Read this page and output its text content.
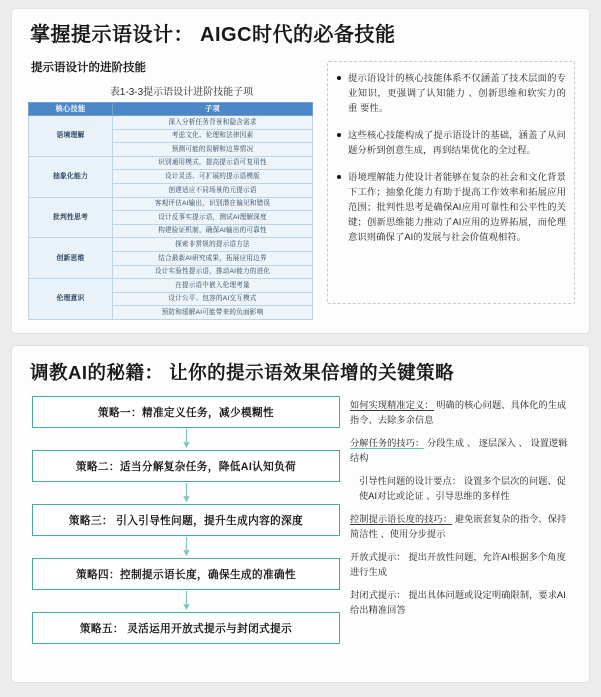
掌握提示语设计： AIGC时代的必备技能
提示语设计的进阶技能
表1-3-3提示语设计进阶技能子项
核心技能	子项
语境理解	深入分析任务背景和隐含需求
	考虑文化、伦理和法律因素
	预测可能的误解和边界情况
抽象化能力	识别通用模式，提高提示语可复用性
	设计灵活、可扩展的提示语模版
	创建适应不同场景的元提示语
批判性思考	客观评估AI输出，识别潜在偏见和错误
	设计反事实提示语，测试AI理解深度
	构建验证机制，确保AI输出的可靠性
创新思维	探索非常规的提示语方法
	结合最新AI研究成果，拓展应用边界
	设计实验性提示语，推动AI能力的进化
伦理意识	在提示语中嵌入伦理考量
	设计公平、包容的AI交互模式
	预防和缓解AI可能带来的负面影响
提示语设计的核心技能体系不仅涵盖了技术层面的专 业知识，更强调了认知能力 、创新思维和软实力的重 要性。
这些核心技能构成了提示语设计的基础，涵盖了从问 题分析到创意生成，再到结果优化的全过程。
语境理解能力使设计者能够在复杂的社会和文化背景 下工作；抽象化能力有助于提高工作效率和拓展应用 范围；批判性思考是确保AI应用可靠性和公平性的关 键；创新思维能力推动了AI应用的边界拓展，而伦理 意识则确保了AI的发展与社会价值观相符。
调教AI的秘籍： 让你的提示语效果倍增的关键策略
策略一：精准定义任务，减少模糊性
策略二：适当分解复杂任务，降低AI认知负荷
策略三： 引入引导性问题，提升生成内容的深度
策略四：控制提示语长度，确保生成的准确性
策略五： 灵活运用开放式提示与封闭式提示
如何实现精准定义： 明确的核心问题、具体化的生成指令、去除多余信息
分解任务的技巧： 分段生成 、 逐层深入 、 设置逻辑结构
引导性问题的设计要点： 设置多个层次的问题、促使AI对比或论证 、引导思维的多样性
控制提示语长度的技巧： 避免嵌套复杂的指令、保持简洁性 、使用分步提示
开放式提示： 提出开放性问题，允许AI根据多个角度进行生成
封闭式提示： 提出具体问题或设定明确限制，要求AI给出精准回答
